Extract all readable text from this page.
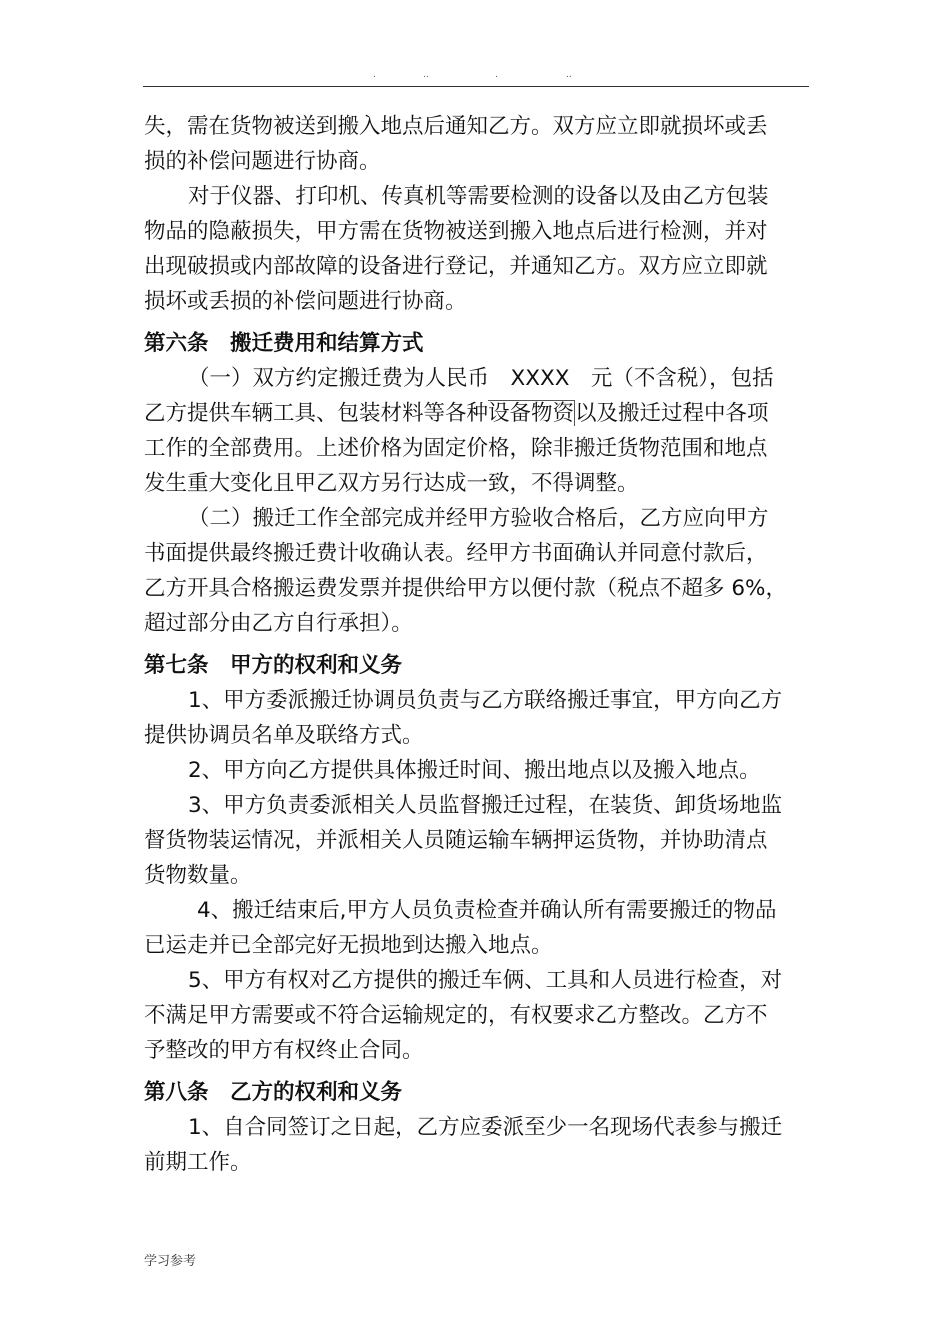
.	..	.	..

失，需在货物被送到搬入地点后通知乙方。双方应立即就损坏或丢

损的补偿问题进行协商。

对于仪器、打印机、传真机等需要检测的设备以及由乙方包装

物品的隐蔽损失，甲方需在货物被送到搬入地点后进行检测，并对

出现破损或内部故障的设备进行登记，并通知乙方。双方应立即就

损坏或丢损的补偿问题进行协商。

第六条　搬迁费用和结算方式

（一）双方约定搬迁费为人民币　XXXX　元（不含税），包括

乙方提供车辆工具、包装材料等各种设备物资以及搬迁过程中各项

工作的全部费用。上述价格为固定价格，除非搬迁货物范围和地点

发生重大变化且甲乙双方另行达成一致，不得调整。

（二）搬迁工作全部完成并经甲方验收合格后，乙方应向甲方

书面提供最终搬迁费计收确认表。经甲方书面确认并同意付款后，

乙方开具合格搬运费发票并提供给甲方以便付款（税点不超多 6%，

超过部分由乙方自行承担）。

第七条　甲方的权利和义务

1、甲方委派搬迁协调员负责与乙方联络搬迁事宜，甲方向乙方

提供协调员名单及联络方式。

2、甲方向乙方提供具体搬迁时间、搬出地点以及搬入地点。

3、甲方负责委派相关人员监督搬迁过程，在装货、卸货场地监

督货物装运情况，并派相关人员随运输车辆押运货物，并协助清点

货物数量。

4、搬迁结束后,甲方人员负责检查并确认所有需要搬迁的物品

已运走并已全部完好无损地到达搬入地点。

5、甲方有权对乙方提供的搬迁车俩、工具和人员进行检查，对

不满足甲方需要或不符合运输规定的，有权要求乙方整改。乙方不

予整改的甲方有权终止合同。

第八条　乙方的权利和义务

1、自合同签订之日起，乙方应委派至少一名现场代表参与搬迁

前期工作。

学习参考
